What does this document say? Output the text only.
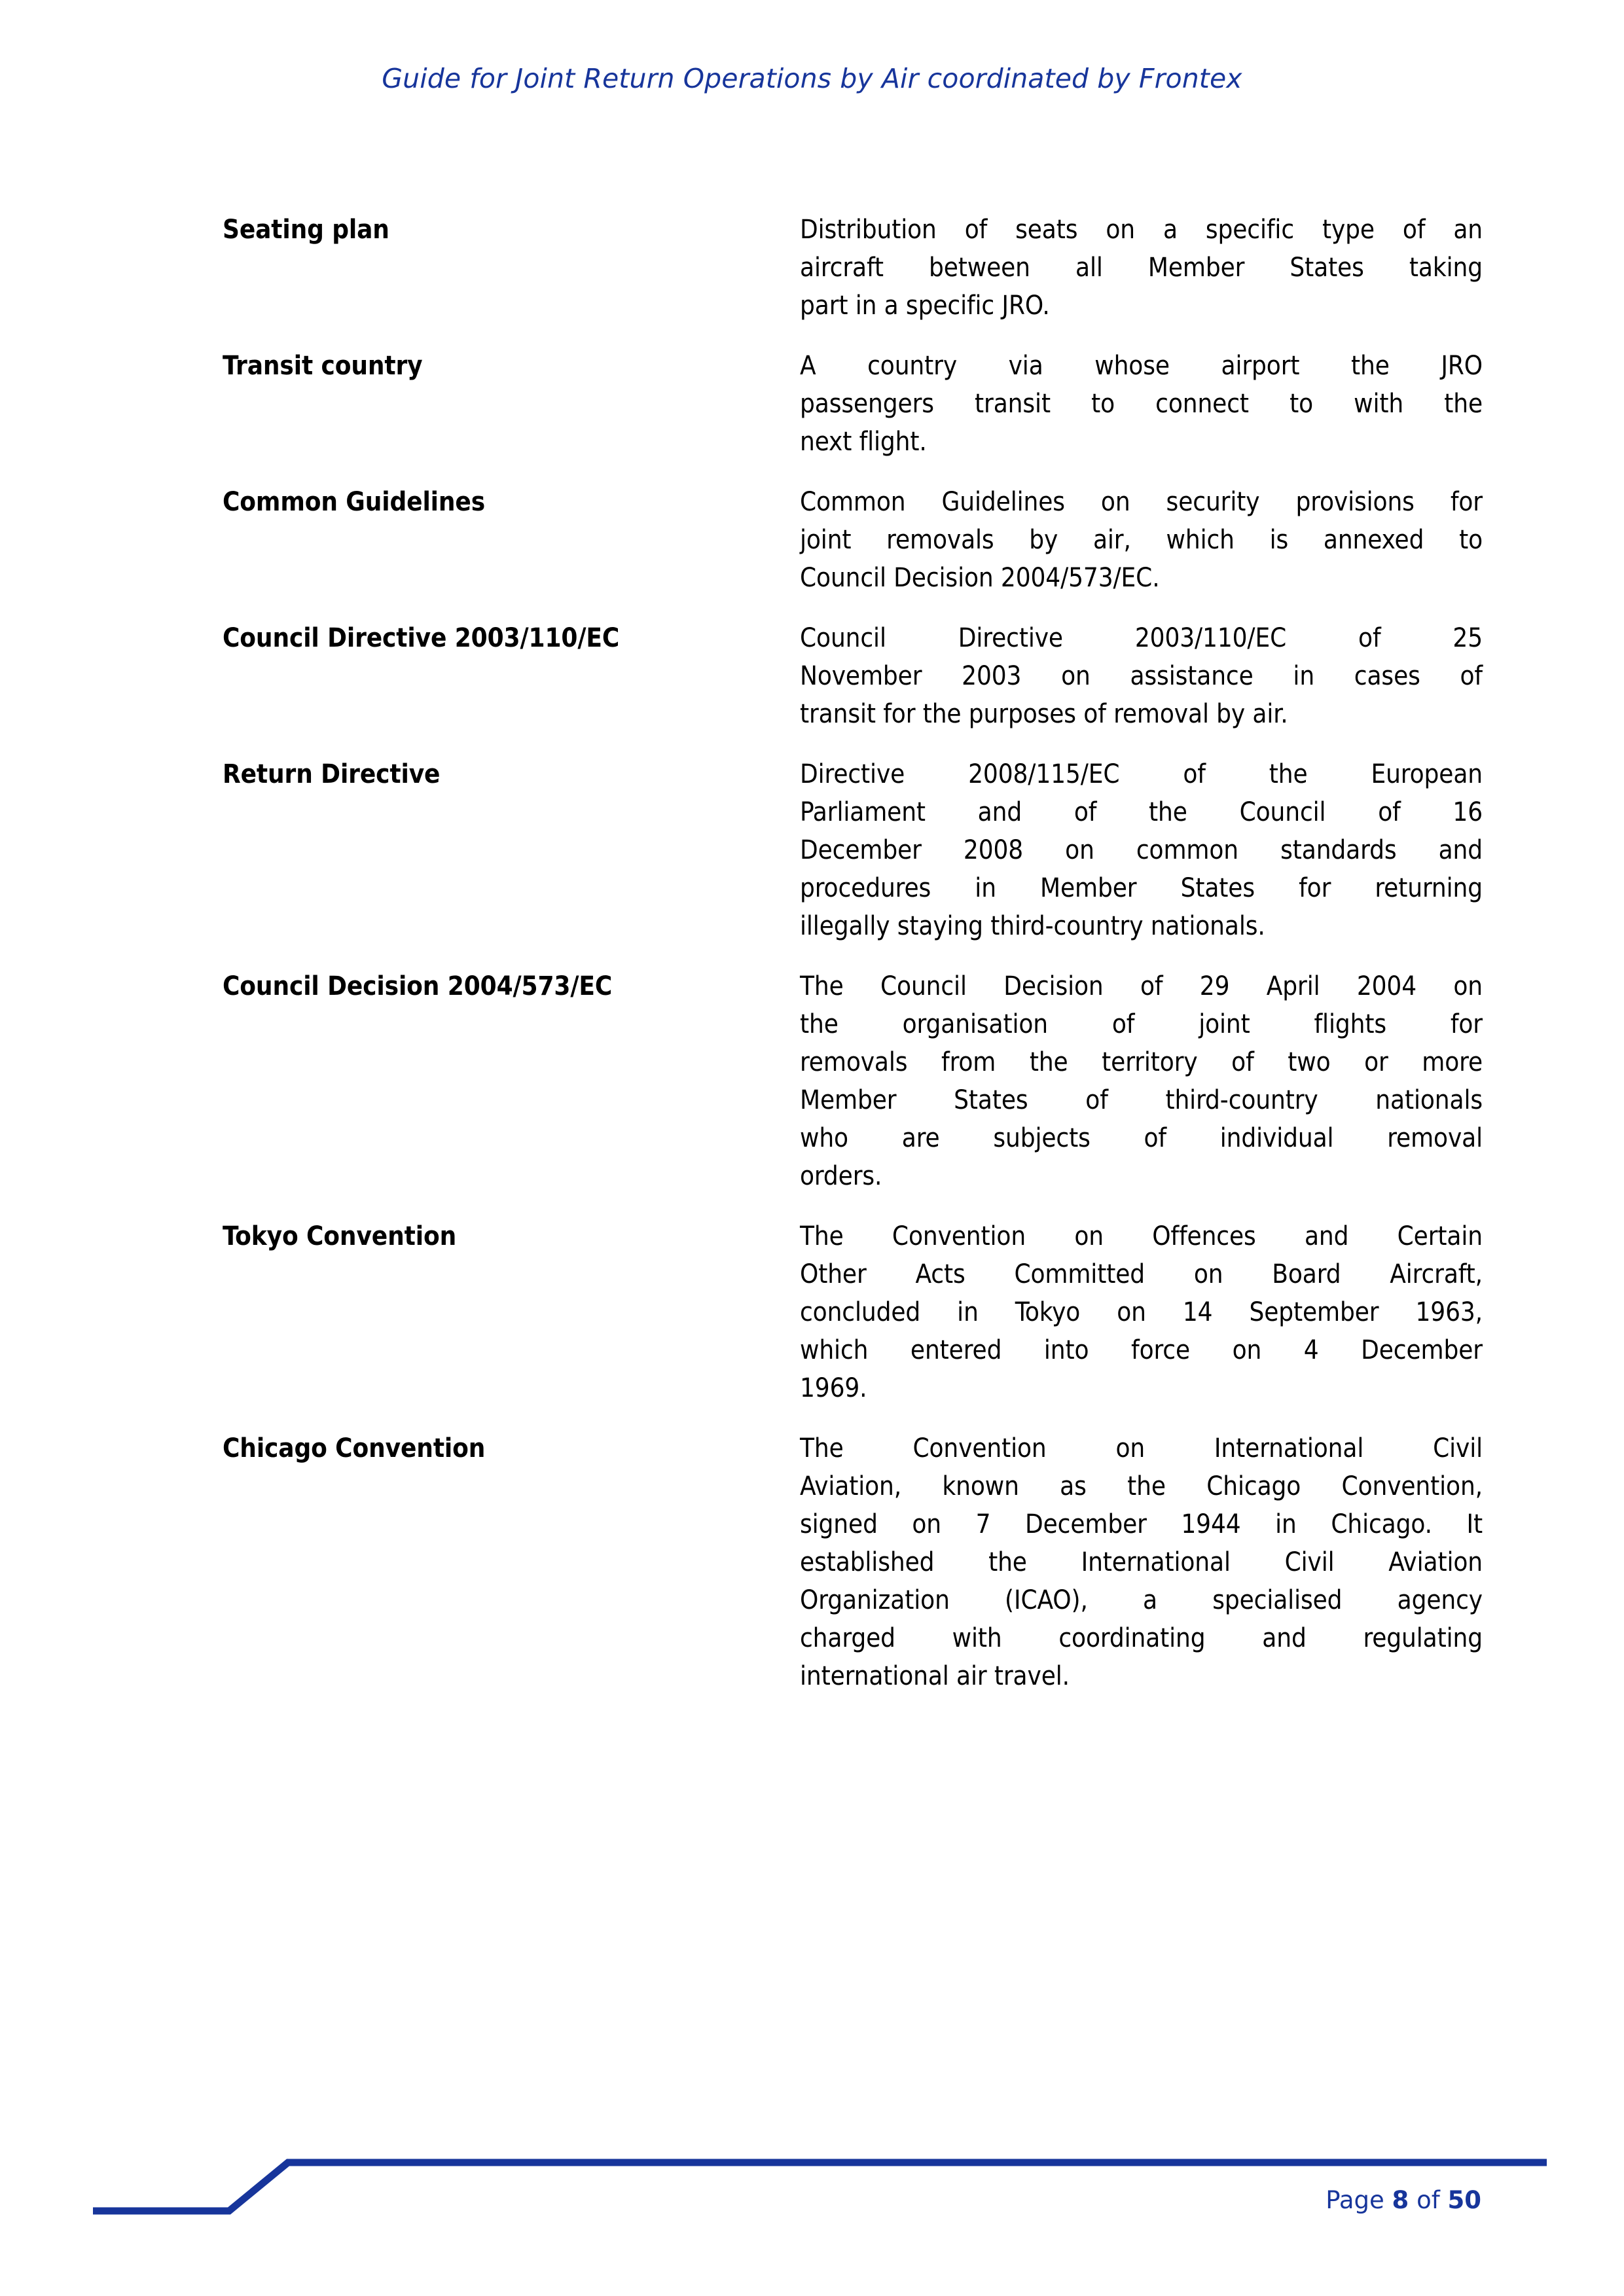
Guide for Joint Return Operations by Air coordinated by Frontex
Seating plan	Distribution of seats on a specific type of an
aircraft between all Member States taking
part in a specific JRO.
Transit country	A country via whose airport the JRO
passengers transit to connect to with the
next flight.
Common Guidelines	Common Guidelines on security provisions for
joint removals by air, which is annexed to
Council Decision 2004/573/EC.
Council Directive 2003/110/EC	Council Directive 2003/110/EC of 25
November 2003 on assistance in cases of
transit for the purposes of removal by air.
Return Directive	Directive 2008/115/EC of the European
Parliament and of the Council of 16
December 2008 on common standards and
procedures in Member States for returning
illegally staying third-country nationals.
Council Decision 2004/573/EC	The Council Decision of 29 April 2004 on
the organisation of joint flights for
removals from the territory of two or more
Member States of third-country nationals
who are subjects of individual removal
orders.
Tokyo Convention	The Convention on Offences and Certain
Other Acts Committed on Board Aircraft,
concluded in Tokyo on 14 September 1963,
which entered into force on 4 December
1969.
Chicago Convention	The Convention on International Civil
Aviation, known as the Chicago Convention,
signed on 7 December 1944 in Chicago. It
established the International Civil Aviation
Organization (ICAO), a specialised agency
charged with coordinating and regulating
international air travel.
Page 8 of 50
